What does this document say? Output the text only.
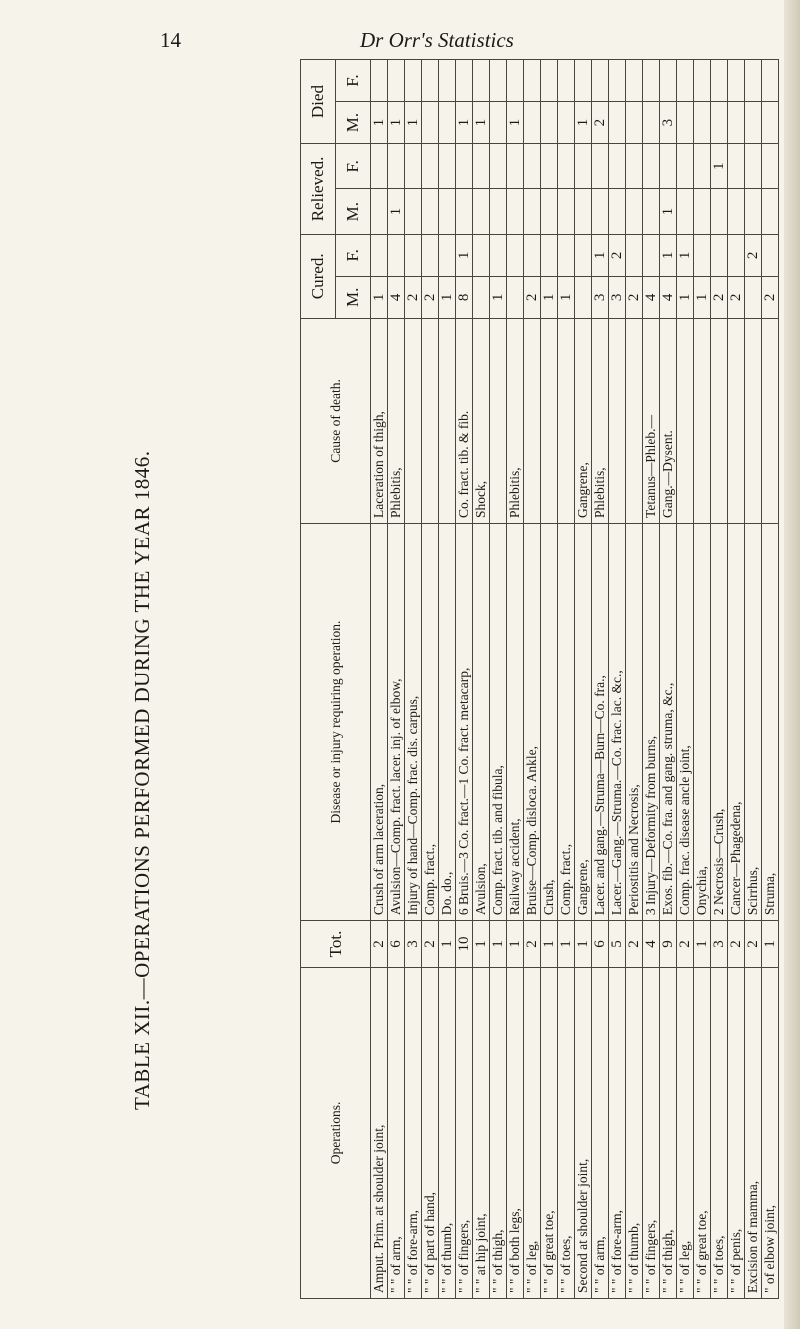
14	Dr Orr's Statistics
TABLE XII.—OPERATIONS PERFORMED DURING THE YEAR 1846.
Operations.	Tot.	Disease or injury requiring operation.	Cause of death.	Cured.		Relieved.		Died	
				M.	F.	M.	F.	M.	F.
Amput. Prim. at shoulder joint,	2	Crush of arm laceration,	Laceration of thigh,	1				1	
" " of arm,	6	Avulsion—Comp. fract. lacer. inj. of elbow,	Phlebitis,	4		1		1	
" " of fore-arm,	3	Injury of hand—Comp. frac. dis. carpus,		2				1	
" " of part of hand,	2	Comp. fract.,		2					
" " of thumb,	1	Do. do.,		1					
" " of fingers,	10	6 Bruis.—3 Co. fract.—1 Co. fract. metacarp,	Co. fract. tib. & fib.	8	1			1	
" " at hip joint,	1	Avulsion,	Shock,					1	
" " of thigh,	1	Comp. fract. tib. and fibula,		1					
" " of both legs,	1	Railway accident,	Phlebitis,					1	
" " of leg,	2	Bruise—Comp. disloca. Ankle,		2					
" " of great toe,	1	Crush,		1					
" " of toes,	1	Comp. fract.,		1					
Second at shoulder joint,	1	Gangrene,	Gangrene,					1	
" " of arm,	6	Lacer. and gang.—Struma—Burn—Co. fra.,	Phlebitis,	3	1			2	
" " of fore-arm,	5	Lacer.—Gang.—Struma.—Co. frac. lac. &c.,		3	2				
" " of thumb,	2	Periostitis and Necrosis,		2					
" " of fingers,	4	3 Injury—Deformity from burns,	Tetanus—Phleb.—	4					
" " of thigh,	9	Exos. fib.—Co. fra. and gang. struma, &c.,	Gang.—Dysent.	4	1	1		3	
" " of leg,	2	Comp. frac. disease ancle joint,		1	1				
" " of great toe,	1	Onychia,		1					
" " of toes,	3	2 Necrosis—Crush,		2			1		
" " of penis,	2	Cancer—Phagedena,		2					
Excision of mamma,	2	Scirrhus,			2				
" of elbow joint,	1	Struma,		2					
